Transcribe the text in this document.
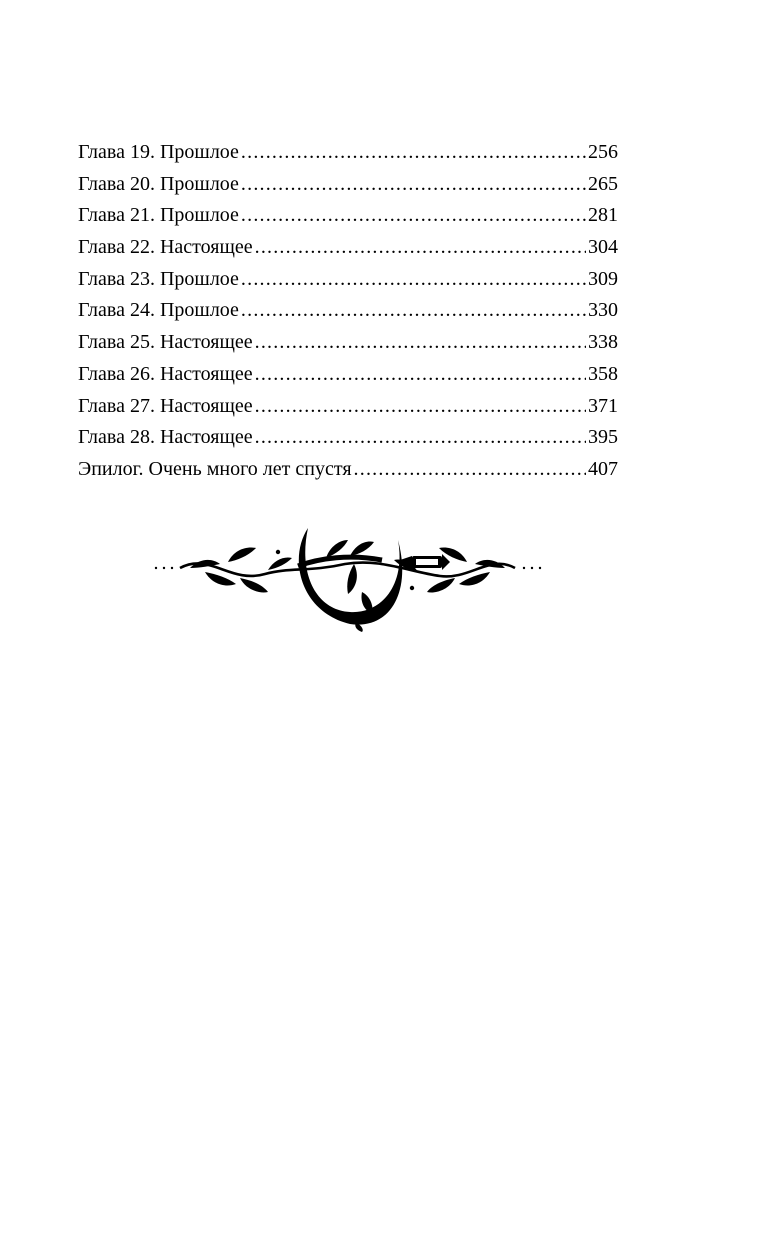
Глава 19. Прошлое .....	256
Глава 20. Прошлое .....	265
Глава 21. Прошлое .....	281
Глава 22. Настоящее .....	304
Глава 23. Прошлое .....	309
Глава 24. Прошлое .....	330
Глава 25. Настоящее .....	338
Глава 26. Настоящее .....	358
Глава 27. Настоящее .....	371
Глава 28. Настоящее .....	395
Эпилог. Очень много лет спустя .....	407
